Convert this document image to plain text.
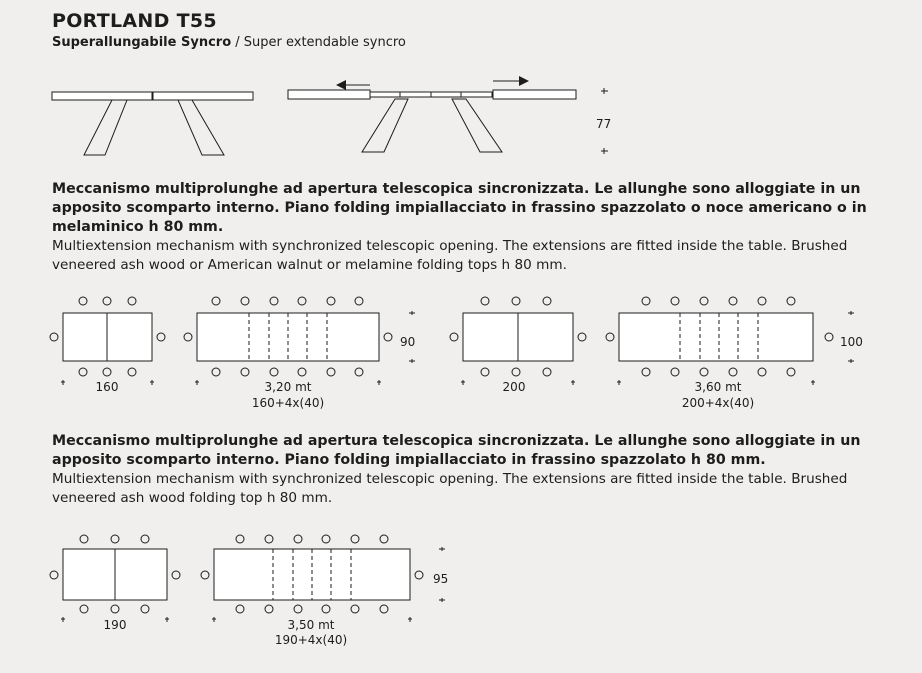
PORTLAND T55
Superallungabile Syncro / Super extendable syncro
77
160	3,20 mt
160+4x(40)
90
200	3,60 mt
200+4x(40)
100
190	3,50 mt
190+4x(40)
95
Meccanismo multiprolunghe ad apertura telescopica sincronizzata. Le allunghe sono alloggiate in un apposito scomparto interno. Piano folding impiallacciato in frassino spazzolato o noce americano o in melaminico h 80 mm.
Multiextension mechanism with synchronized telescopic opening. The extensions are fitted inside the table. Brushed veneered ash wood or American walnut or melamine folding tops h 80 mm.
Meccanismo multiprolunghe ad apertura telescopica sincronizzata. Le allunghe sono alloggiate in un apposito scomparto interno. Piano folding impiallacciato in frassino spazzolato h 80 mm.
Multiextension mechanism with synchronized telescopic opening. The extensions are fitted inside the table. Brushed veneered ash wood folding top h 80 mm.
